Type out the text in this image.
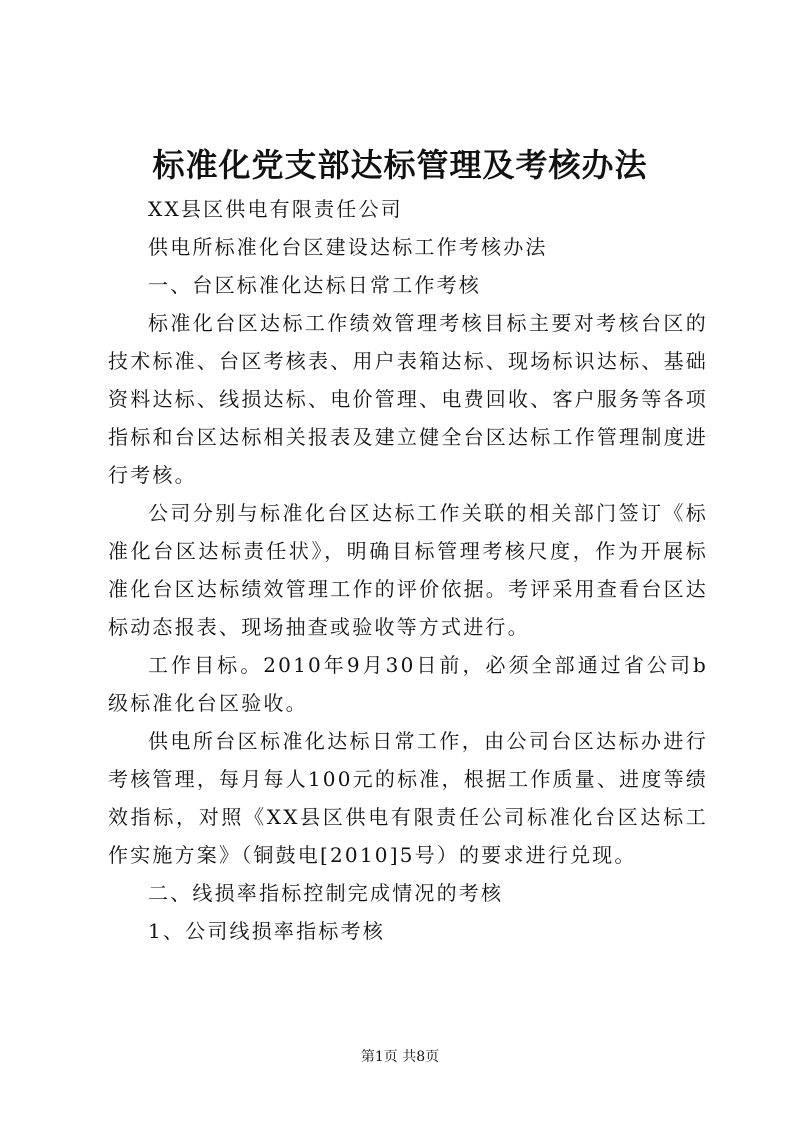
标准化党支部达标管理及考核办法

XX县区供电有限责任公司

供电所标准化台区建设达标工作考核办法

一、台区标准化达标日常工作考核

标准化台区达标工作绩效管理考核目标主要对考核台区的技术标准、台区考核表、用户表箱达标、现场标识达标、基础资料达标、线损达标、电价管理、电费回收、客户服务等各项指标和台区达标相关报表及建立健全台区达标工作管理制度进行考核。

公司分别与标准化台区达标工作关联的相关部门签订《标准化台区达标责任状》，明确目标管理考核尺度，作为开展标准化台区达标绩效管理工作的评价依据。考评采用查看台区达标动态报表、现场抽查或验收等方式进行。

工作目标。2010年9月30日前，必须全部通过省公司b级标准化台区验收。

供电所台区标准化达标日常工作，由公司台区达标办进行考核管理，每月每人100元的标准，根据工作质量、进度等绩效指标，对照《XX县区供电有限责任公司标准化台区达标工作实施方案》（铜鼓电[2010]5号）的要求进行兑现。

二、线损率指标控制完成情况的考核

1、公司线损率指标考核

第1页 共8页
